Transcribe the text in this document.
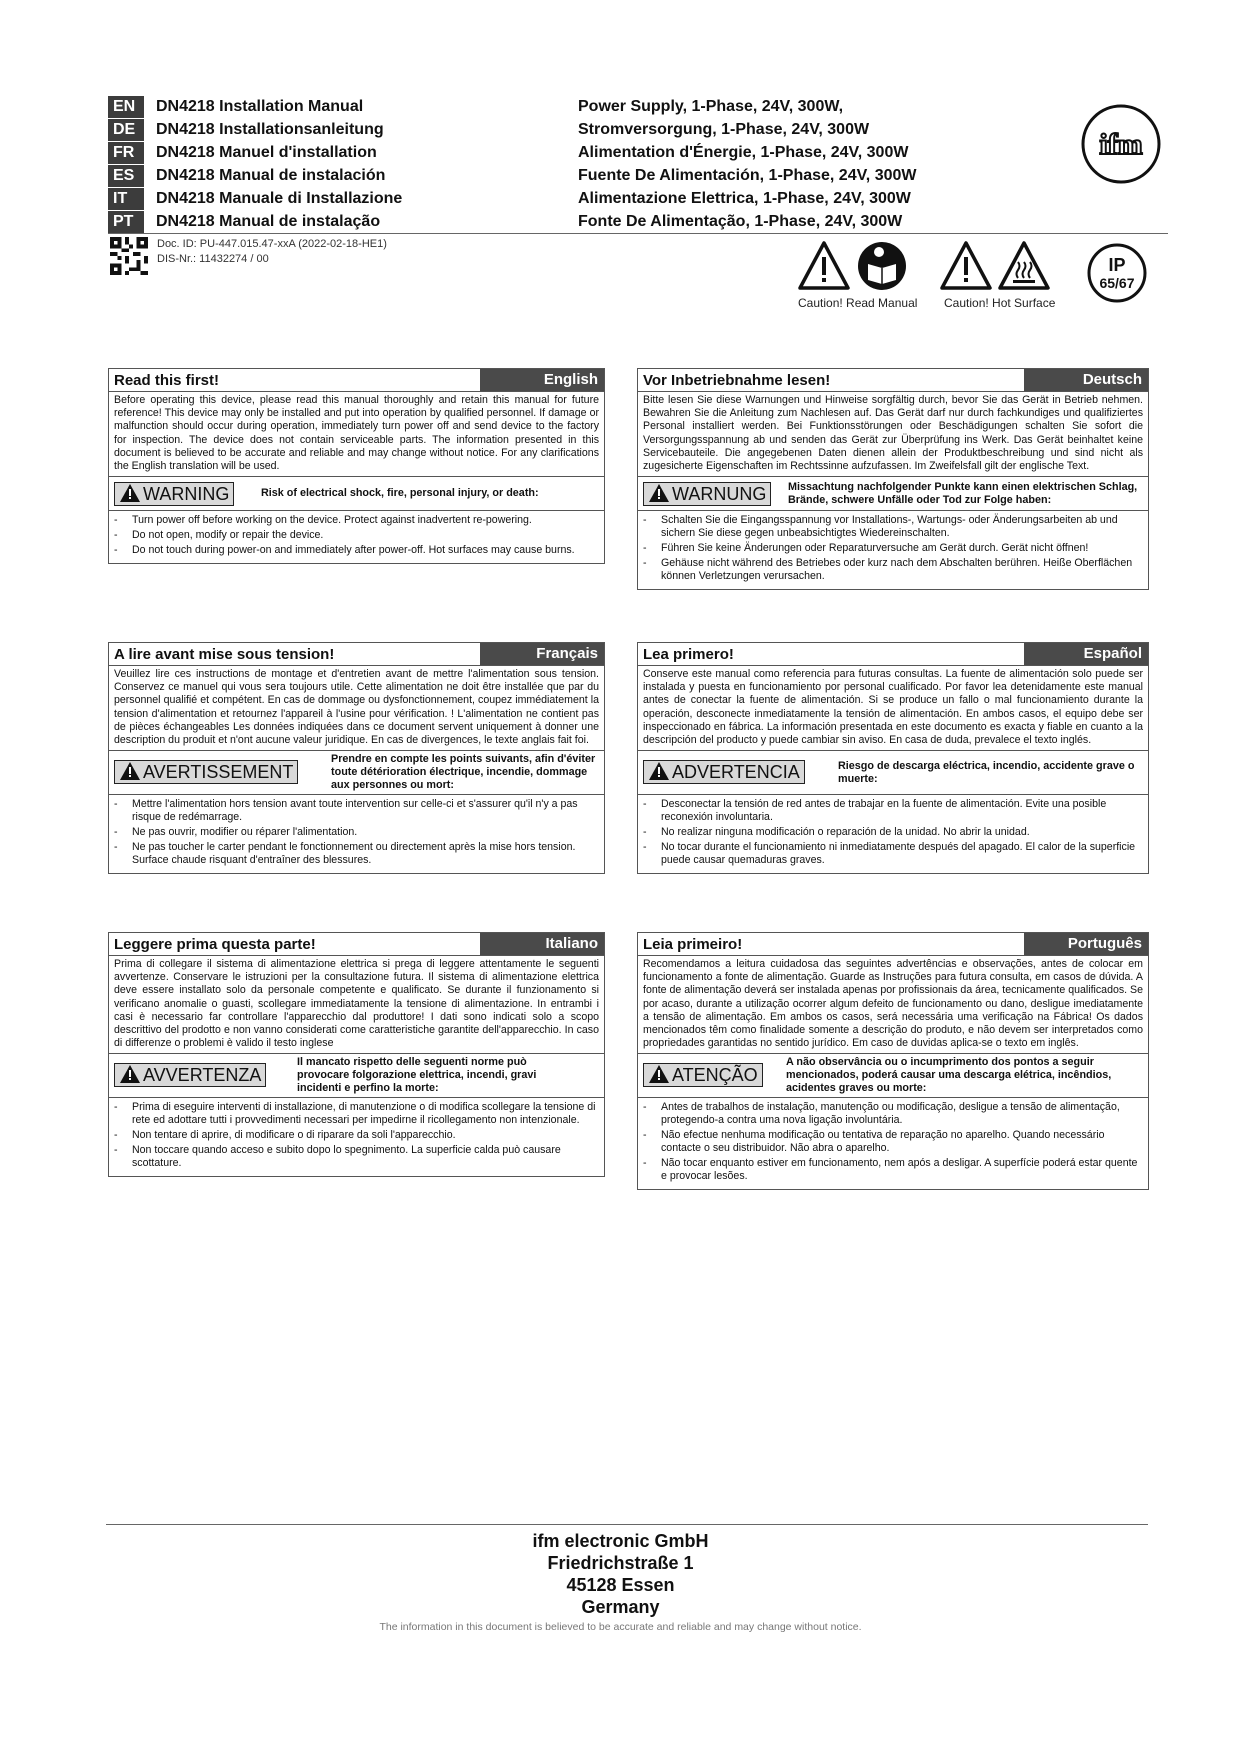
EN	DN4218 Installation Manual	Power Supply, 1-Phase, 24V, 300W,
DE	DN4218 Installationsanleitung	Stromversorgung, 1-Phase, 24V, 300W
FR	DN4218 Manuel d'installation	Alimentation d'Énergie, 1-Phase, 24V, 300W
ES	DN4218 Manual de instalación	Fuente De Alimentación, 1-Phase, 24V, 300W
IT	DN4218 Manuale di Installazione	Alimentazione Elettrica, 1-Phase, 24V, 300W
PT	DN4218 Manual de instalação	Fonte De Alimentação, 1-Phase, 24V, 300W
ifm
Doc. ID: PU-447.015.47-xxA (2022-02-18-HE1)
DIS-Nr.: 11432274 / 00	IP
65/67
Caution! Read Manual Caution! Hot Surface
Read this first!	English
Before operating this device, please read this manual thoroughly and retain this manual for future reference! This device may only be installed and put into operation by qualified personnel. If damage or malfunction should occur during operation, immediately turn power off and send device to the factory for inspection. The device does not contain serviceable parts. The information presented in this document is believed to be accurate and reliable and may change without notice. For any clarifications the English translation will be used.
WARNING	Risk of electrical shock, fire, personal injury, or death:
- Turn power off before working on the device. Protect against inadvertent re-powering.
- Do not open, modify or repair the device.
- Do not touch during power-on and immediately after power-off. Hot surfaces may cause burns.
Vor Inbetriebnahme lesen!	Deutsch
Bitte lesen Sie diese Warnungen und Hinweise sorgfältig durch, bevor Sie das Gerät in Betrieb nehmen. Bewahren Sie die Anleitung zum Nachlesen auf. Das Gerät darf nur durch fachkundiges und qualifiziertes Personal installiert werden. Bei Funktionsstörungen oder Beschädigungen schalten Sie sofort die Versorgungsspannung ab und senden das Gerät zur Überprüfung ins Werk. Das Gerät beinhaltet keine Servicebauteile. Die angegebenen Daten dienen allein der Produktbeschreibung und sind nicht als zugesicherte Eigenschaften im Rechtssinne aufzufassen. Im Zweifelsfall gilt der englische Text.
WARNUNG	Missachtung nachfolgender Punkte kann einen elektrischen Schlag, Brände, schwere Unfälle oder Tod zur Folge haben:
- Schalten Sie die Eingangsspannung vor Installations-, Wartungs- oder Änderungsarbeiten ab und sichern Sie diese gegen unbeabsichtigtes Wiedereinschalten.
- Führen Sie keine Änderungen oder Reparaturversuche am Gerät durch. Gerät nicht öffnen!
- Gehäuse nicht während des Betriebes oder kurz nach dem Abschalten berühren. Heiße Oberflächen können Verletzungen verursachen.
A lire avant mise sous tension!	Français
Veuillez lire ces instructions de montage et d'entretien avant de mettre l'alimentation sous tension. Conservez ce manuel qui vous sera toujours utile. Cette alimentation ne doit être installée que par du personnel qualifié et compétent. En cas de dommage ou dysfonctionnement, coupez immédiatement la tension d'alimentation et retournez l'appareil à l'usine pour vérification. ! L'alimentation ne contient pas de pièces échangeables Les données indiquées dans ce document servent uniquement à donner une description du produit et n'ont aucune valeur juridique. En cas de divergences, le texte anglais fait foi.
AVERTISSEMENT
Prendre en compte les points suivants, afin d'éviter toute détérioration électrique, incendie, dommage aux personnes ou mort:
- Mettre l'alimentation hors tension avant toute intervention sur celle-ci et s'assurer qu'il n'y a pas risque de redémarrage.
- Ne pas ouvrir, modifier ou réparer l'alimentation.
- Ne pas toucher le carter pendant le fonctionnement ou directement après la mise hors tension. Surface chaude risquant d'entraîner des blessures.
Lea primero!	Español
Conserve este manual como referencia para futuras consultas. La fuente de alimentación solo puede ser instalada y puesta en funcionamiento por personal cualificado. Por favor lea detenidamente este manual antes de conectar la fuente de alimentación. Si se produce un fallo o mal funcionamiento durante la operación, desconecte inmediatamente la tensión de alimentación. En ambos casos, el equipo debe ser inspeccionado en fábrica. La información presentada en este documento es exacta y fiable en cuanto a la descripción del producto y puede cambiar sin aviso. En casa de duda, prevalece el texto inglés.
ADVERTENCIA	Riesgo de descarga eléctrica, incendio, accidente grave o muerte:
- Desconectar la tensión de red antes de trabajar en la fuente de alimentación. Evite una posible reconexión involuntaria.
- No realizar ninguna modificación o reparación de la unidad. No abrir la unidad.
- No tocar durante el funcionamiento ni inmediatamente después del apagado. El calor de la superficie puede causar quemaduras graves.
Leggere prima questa parte!	Italiano
Prima di collegare il sistema di alimentazione elettrica si prega di leggere attentamente le seguenti avvertenze. Conservare le istruzioni per la consultazione futura. Il sistema di alimentazione elettrica deve essere installato solo da personale competente e qualificato. Se durante il funzionamento si verificano anomalie o guasti, scollegare immediatamente la tensione di alimentazione. In entrambi i casi è necessario far controllare l'apparecchio dal produttore! I dati sono indicati solo a scopo descrittivo del prodotto e non vanno considerati come caratteristiche garantite dell'apparecchio. In caso di differenze o problemi è valido il testo inglese
AVVERTENZA
Il mancato rispetto delle seguenti norme può provocare folgorazione elettrica, incendi, gravi incidenti e perfino la morte:
- Prima di eseguire interventi di installazione, di manutenzione o di modifica scollegare la tensione di rete ed adottare tutti i provvedimenti necessari per impedirne il ricollegamento non intenzionale.
- Non tentare di aprire, di modificare o di riparare da soli l'apparecchio.
- Non toccare quando acceso e subito dopo lo spegnimento. La superficie calda può causare scottature.
Leia primeiro!	Português
Recomendamos a leitura cuidadosa das seguintes advertências e observações, antes de colocar em funcionamento a fonte de alimentação. Guarde as Instruções para futura consulta, em casos de dúvida. A fonte de alimentação deverá ser instalada apenas por profissionais da área, tecnicamente qualificados. Se por acaso, durante a utilização ocorrer algum defeito de funcionamento ou dano, desligue imediatamente a tensão de alimentação. Em ambos os casos, será necessária uma verificação na Fábrica! Os dados mencionados têm como finalidade somente a descrição do produto, e não devem ser interpretados como propriedades garantidas no sentido jurídico. Em caso de duvidas aplica-se o texto em inglês.
ATENÇÃO
A não observância ou o incumprimento dos pontos a seguir mencionados, poderá causar uma descarga elétrica, incêndios, acidentes graves ou morte:
- Antes de trabalhos de instalação, manutenção ou modificação, desligue a tensão de alimentação, protegendo-a contra uma nova ligação involuntária.
- Não efectue nenhuma modificação ou tentativa de reparação no aparelho. Quando necessário contacte o seu distribuidor. Não abra o aparelho.
- Não tocar enquanto estiver em funcionamento, nem após a desligar. A superfície poderá estar quente e provocar lesões.
ifm electronic GmbH
Friedrichstraße 1
45128 Essen
Germany
The information in this document is believed to be accurate and reliable and may change without notice.
